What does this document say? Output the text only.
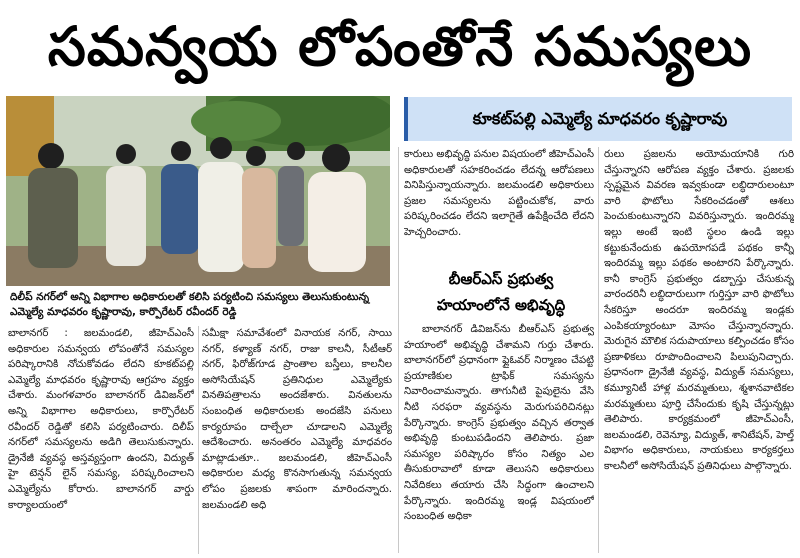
సమన్వయ లోపంతోనే సమస్యలు
దిలీప్‌ నగర్‌లో అన్ని విభాగాల అధికారులతో కలిసి పర్యటించి సమస్యలు తెలుసుకుంటున్న ఎమ్మెల్యే మాధవరం కృష్ణారావు, కార్పొరేటర్‌ రవీందర్‌ రెడ్డి
కూకట్‌పల్లి ఎమ్మెల్యే మాధవరం కృష్ణారావు

కారులు అభివృద్ధి పనుల విషయంలో జీహెచ్‌ఎంసీ అధికారులతో సహకరించడం లేదన్న ఆరోపణలు వినిపిస్తున్నాయన్నారు. జలమండలి అధికారులు ప్రజల సమస్యలను పట్టించుకోక, వారు పరిష్కరించడం లేదని ఇలాగైతే ఉపేక్షించేది లేదని హెచ్చరించారు.

బీఆర్‌ఎస్‌ ప్రభుత్వ హయాంలోనే అభివృద్ధి

బాలానగర్‌ డివిజన్‌ను బీఆర్‌ఎస్‌ ప్రభుత్వ హయాంలో అభివృద్ధి చేశామని గుర్తు చేశారు. బాలానగర్‌లో ప్రధానంగా ఫ్లైఓవర్‌ నిర్మాణం చేపట్టి ప్రయాణికుల ట్రాఫిక్‌ సమస్యను నివారించామన్నారు. తాగునీటి పైపులైను వేసి నీటి సరఫరా వ్యవస్థను మెరుగుపరిచినట్లు పేర్కొన్నారు. కాంగ్రెస్‌ ప్రభుత్వం వచ్చిన తర్వాత అభివృద్ధి కుంటుపడిందని తెలిపారు. ప్రజా సమస్యల పరిష్కారం కోసం నిత్యం ఎల తీసుకురావాలో కూడా తెలుసని అధికారులు నివేదికలు తయారు చేసి సిద్ధంగా ఉంచాలని పేర్కొన్నారు. ఇందిరమ్మ ఇండ్ల విషయంలో సంబంధిత అధికా

రులు ప్రజలను అయోమయానికి గురి చేస్తున్నారని ఆరోపణ వ్యక్తం చేశారు. ప్రజలకు స్పష్టమైన వివరణ ఇవ్వకుండా లబ్ధిదారులంటూ వారి ఫొటోలు సేకరించడంతో ఆశలు పెంచుకుంటున్నారని వివరిస్తున్నారు. ఇందిరమ్మ ఇల్లు అంటే ఇంటి స్థలం ఉండి ఇల్లు కట్టుకునేందుకు ఉపయోగపడే పథకం కాన్నీ ఇందిరమ్మ ఇల్లు పథకం అంటారని పేర్కొన్నారు. కానీ కాంగ్రెస్‌ ప్రభుత్వం డబ్బాస్తు చేసుకున్న వారందరినీ లబ్ధిదారులుగా గుర్తిస్తూ వారి ఫొటోలు సేకరిస్తూ అందరూ ఇందిరమ్మ ఇండ్లకు ఎంపికయ్యారంటూ మోసం చేస్తున్నారన్నారు. మెరుగైన మౌలిక సదుపాయాలు కల్పించడం కోసం ప్రణాళికలు రూపొందించాలని పిలుపునిచ్చారు. ప్రధానంగా డ్రైనేజీ వ్యవస్థ, విద్యుత్‌ సమస్యలు, కమ్యూనిటీ హాళ్ల మరమ్మతులు, శ్మశానవాటికల మరమ్మతులు పూర్తి చేసేందుకు కృషి చేస్తున్నట్లు తెలిపారు. కార్యక్రమంలో జీహెచ్‌ఎంసీ, జలమండలి, రెవెన్యూ, విద్యుత్‌, శానిటేషన్‌, హెల్త్‌ విభాగం అధికారులు, నాయకులు కార్యకర్తలు కాలనీలో అసోసియేషన్‌ ప్రతినిధులు పాల్గొన్నారు.

బాలానగర్‌ : జలమండలి, జీహెచ్‌ఎంసీ అధికారుల సమన్వయ లోపంతోనే సమస్యల పరిష్కారానికి నోచుకోవడం లేదని కూకట్‌పల్లి ఎమ్మెల్యే మాధవరం కృష్ణారావు ఆగ్రహం వ్యక్తం చేశారు. మంగళవారం బాలానగర్‌ డివిజన్‌లో అన్ని విభాగాల అధికారులు, కార్పొరేటర్‌ రవీందర్‌ రెడ్డితో కలిసి పర్యటించారు. దిలీప్‌ నగర్‌లో సమస్యలను అడిగి తెలుసుకున్నారు. డ్రైనేజీ వ్యవస్థ అస్తవ్యస్తంగా ఉందని, విద్యుత్‌ హై టెన్షన్‌ లైన్‌ సమస్య, పరిష్కరించాలని ఎమ్మెల్యేను కోరారు. బాలానగర్‌ వార్డు కార్యాలయంలో

సమీక్షా సమావేశంలో వినాయక నగర్‌, సాయి నగర్‌, కళ్యాణ్‌ నగర్‌, రాజు కాలనీ, సీటీఆర్‌ నగర్‌, ఫిరోజ్‌గూడ ప్రాంతాల బస్తీలు, కాలనీల అసోసియేషన్‌ ప్రతినిధుల ఎమ్మెల్యేకు వినతిపత్రాలను అందజేశారు. వినతులను సంబంధిత అధికారులకు అందజేసి పనులు కార్యరూపం దాల్చేలా చూడాలని ఎమ్మెల్యే ఆదేశించారు. అనంతరం ఎమ్మెల్యే మాధవరం మాట్లాడుతూ.. జలమండలి, జీహెచ్‌ఎంసీ అధికారుల మధ్య కొనసాగుతున్న సమన్వయ లోపం ప్రజలకు శాపంగా మారిందన్నారు. జలమండలి అధి
